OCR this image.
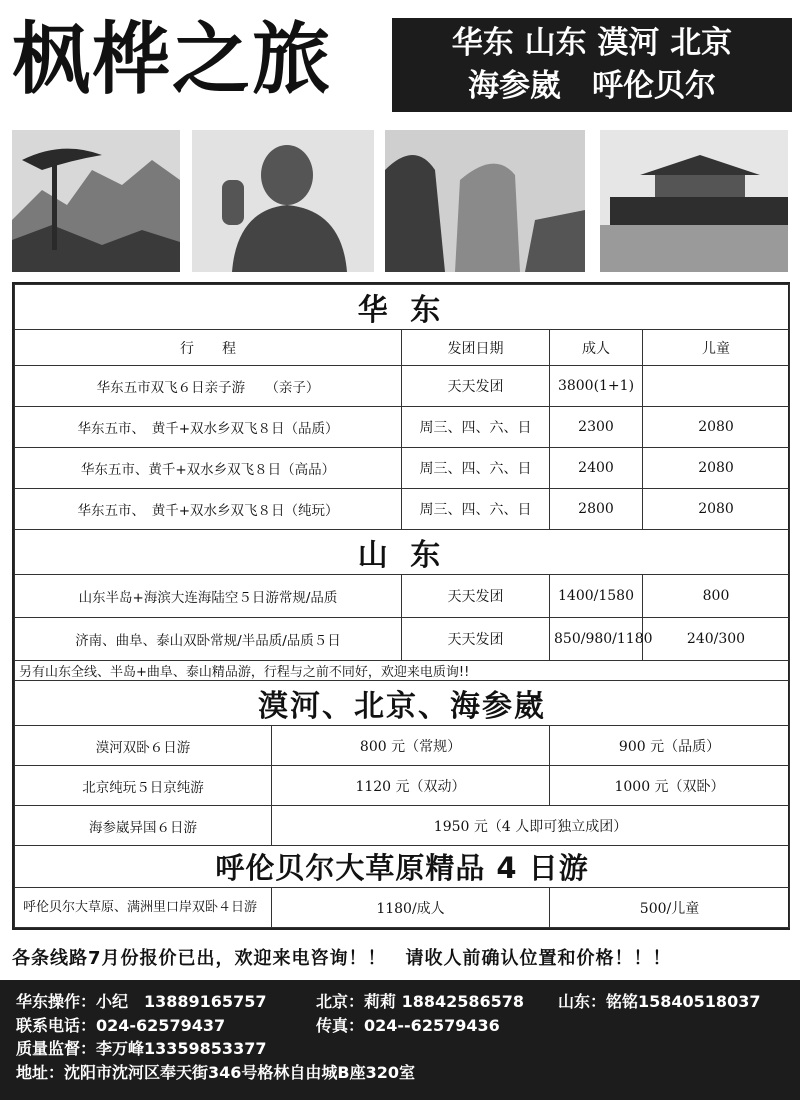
枫桦之旅	华东 山东 漠河 北京
海参崴　呼伦贝尔
华 东				
行　　程		发团日期	成人	儿童
华东五市双飞６日亲子游　　（亲子）		天天发团	3800(1+1)	
华东五市、　黄千+双水乡双飞８日（品质）		周三、四、六、日	2300	2080
华东五市、黄千+双水乡双飞８日（高品）		周三、四、六、日	2400	2080
华东五市、　黄千+双水乡双飞８日（纯玩）		周三、四、六、日	2800	2080
山 东				
山东半岛+海滨大连海陆空５日游常规/品质		天天发团	1400/1580	800
济南、曲阜、泰山双卧常规/半品质/品质５日		天天发团	850/980/1180	240/300
另有山东全线、半岛+曲阜、泰山精品游，行程与之前不同好，欢迎来电质询!!				
漠河、北京、海参崴				
漠河双卧６日游	800 元（常规）		900 元（品质）	
北京纯玩５日京纯游	1120 元（双动）		1000 元（双卧）	
海参崴异国６日游	1950 元（4 人即可独立成团）			
呼伦贝尔大草原精品 4 日游				
呼伦贝尔大草原、满洲里口岸双卧４日游	1180/成人		500/儿童	
各条线路7月份报价已出，欢迎来电咨询！！　请收人前确认位置和价格！！！
华东操作：小纪　13889165757	北京：莉莉 18842586578 山东：铭铭15840518037
联系电话：024-62579437	传真：024--62579436
质量监督：李万峰13359853377
地址：沈阳市沈河区奉天街346号格林自由城B座320室
